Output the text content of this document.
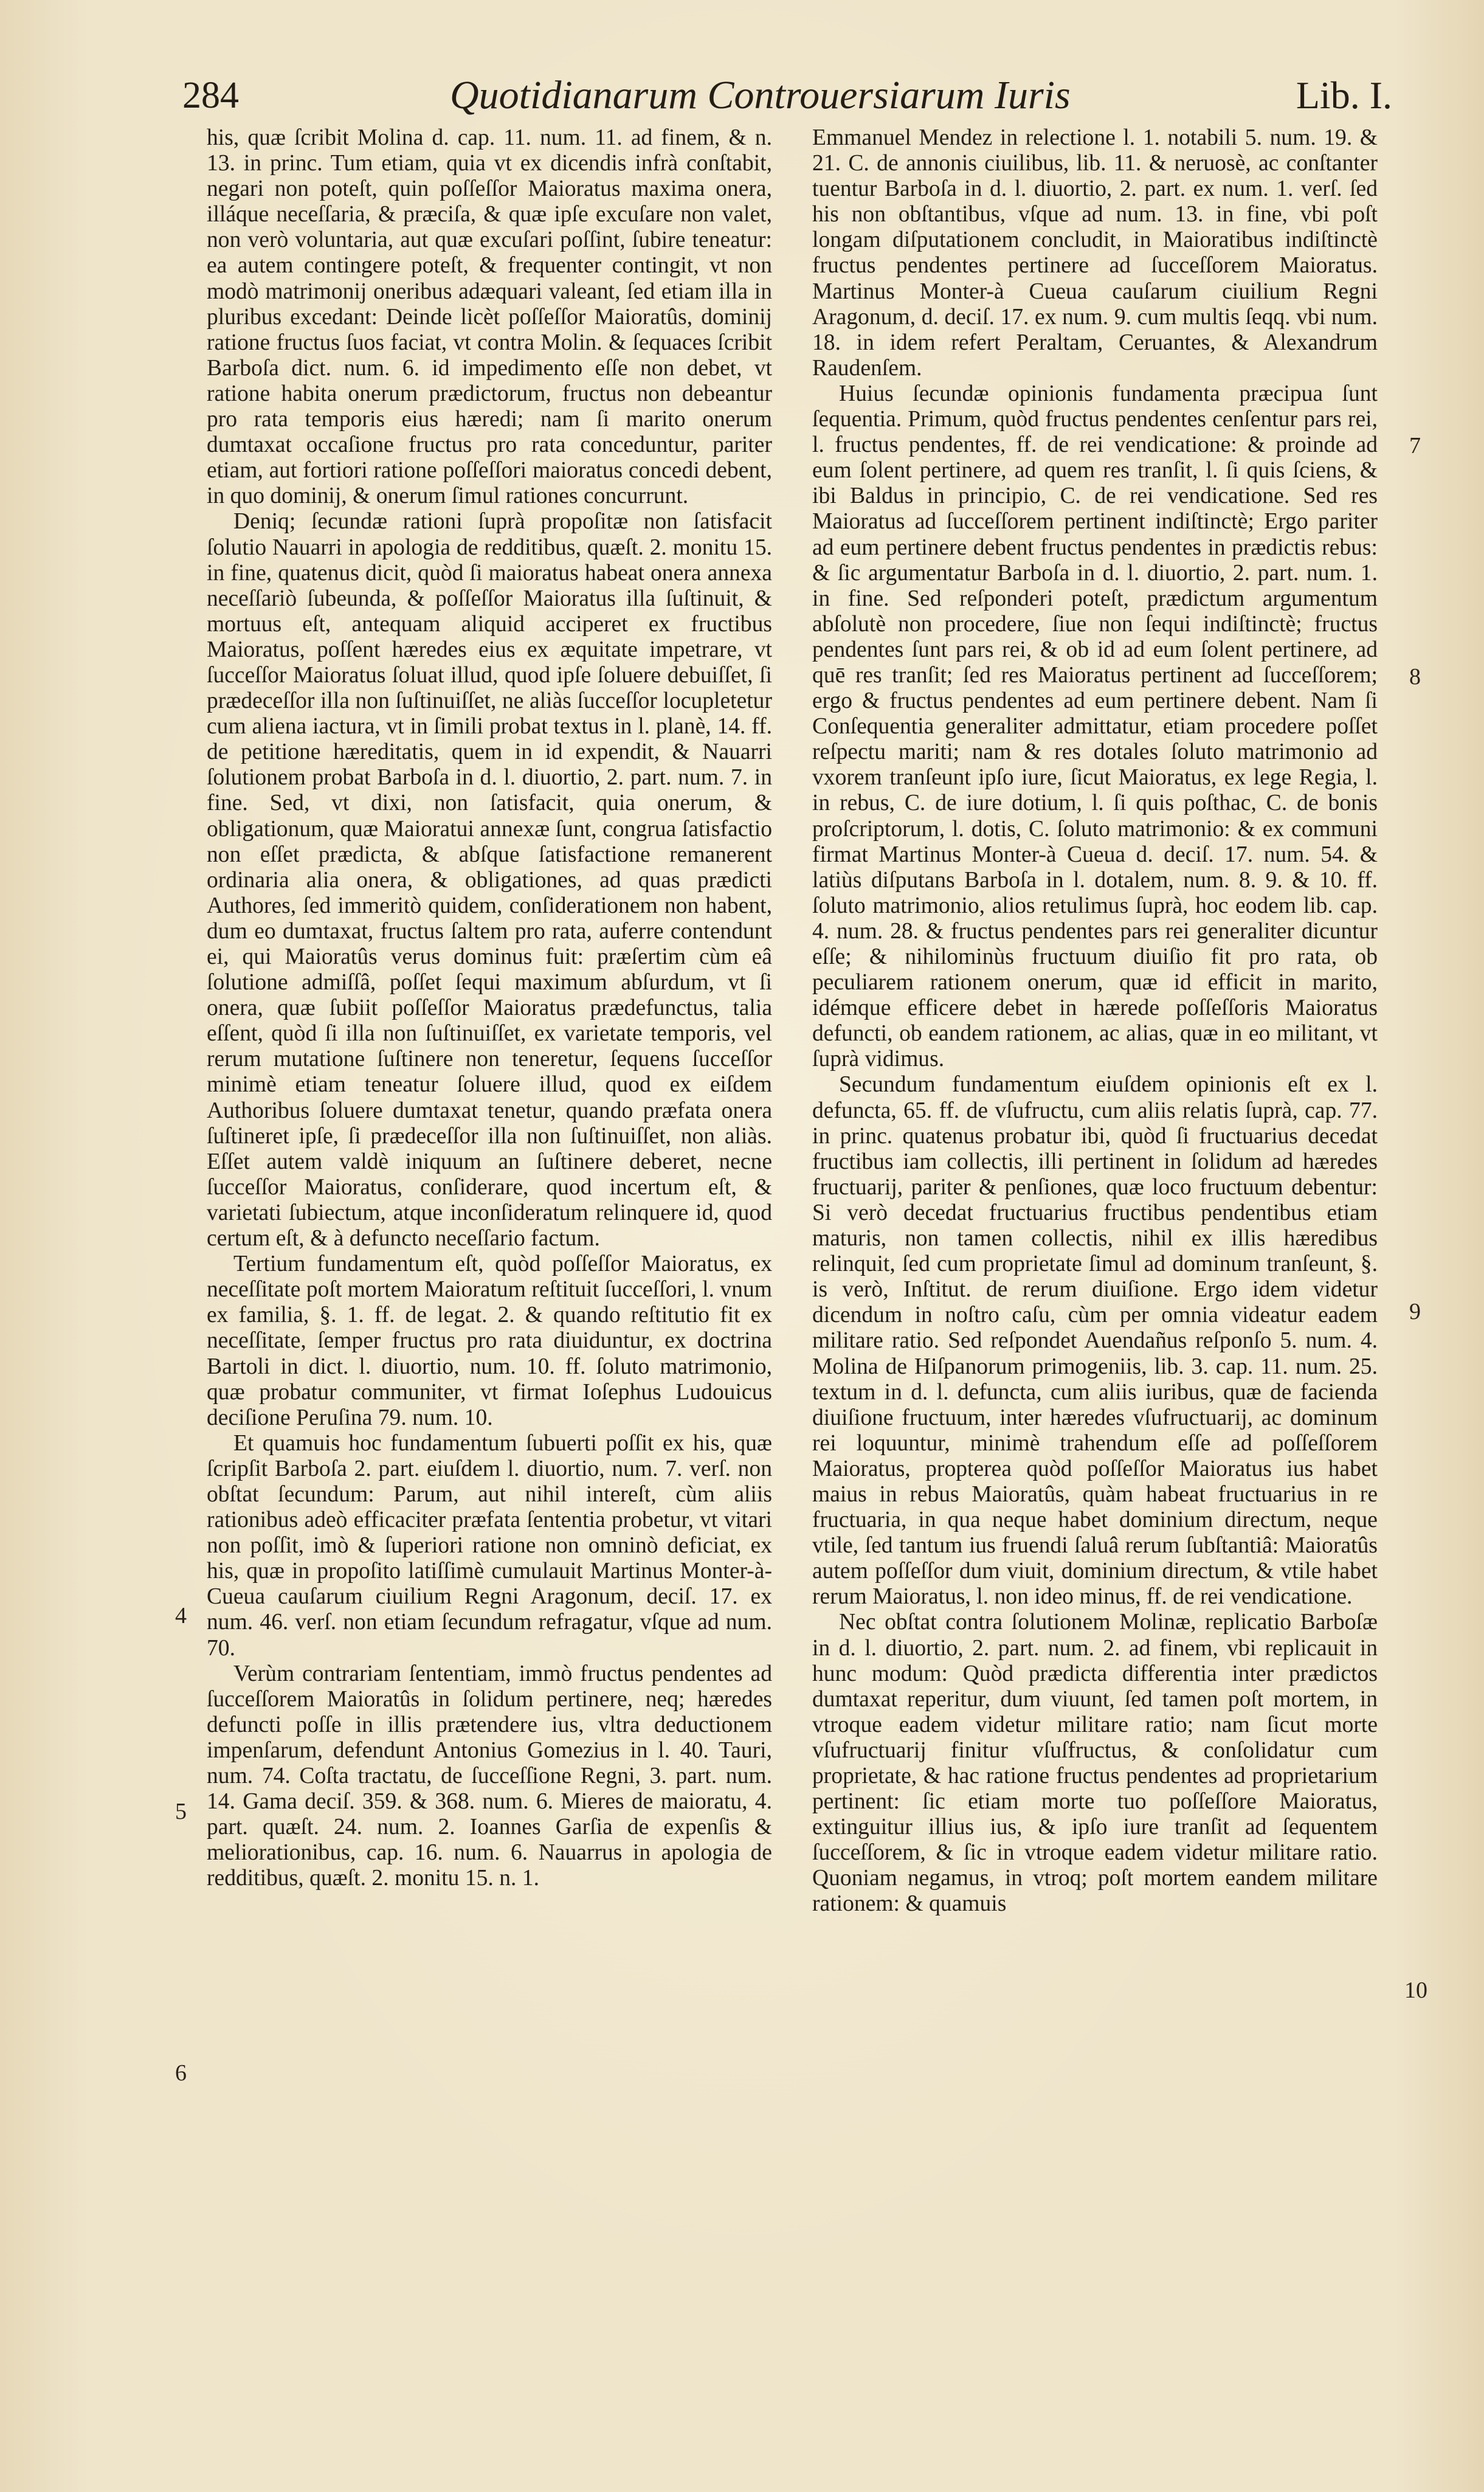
284	Quotidianarum Controuersiarum Iuris	Lib. I.

his, quæ ſcribit Molina d. cap. 11. num. 11. ad finem, & n. 13. in princ. Tum etiam, quia vt ex dicendis infrà conſtabit, negari non poteſt, quin poſſeſſor Maioratus maxima onera, illáque neceſſaria, & præciſa, & quæ ipſe excuſare non valet, non verò voluntaria, aut quæ excuſari poſſint, ſubire teneatur: ea autem contingere poteſt, & frequenter contingit, vt non modò matrimonij oneribus adæquari valeant, ſed etiam illa in pluribus excedant: Deinde licèt poſſeſſor Maioratûs, dominij ratione fructus ſuos faciat, vt contra Molin. & ſequaces ſcribit Barboſa dict. num. 6. id impedimento eſſe non debet, vt ratione habita onerum prædictorum, fructus non debeantur pro rata temporis eius hæredi; nam ſi marito onerum dumtaxat occaſione fructus pro rata conceduntur, pariter etiam, aut fortiori ratione poſſeſſori maioratus concedi debent, in quo dominij, & onerum ſimul rationes concurrunt.

Deniq; ſecundæ rationi ſuprà propoſitæ non ſatisfacit ſolutio Nauarri in apologia de redditibus, quæſt. 2. monitu 15. in fine, quatenus dicit, quòd ſi maioratus habeat onera annexa neceſſariò ſubeunda, & poſſeſſor Maioratus illa ſuſtinuit, & mortuus eſt, antequam aliquid acciperet ex fructibus Maioratus, poſſent hæredes eius ex æquitate impetrare, vt ſucceſſor Maioratus ſoluat illud, quod ipſe ſoluere debuiſſet, ſi prædeceſſor illa non ſuſtinuiſſet, ne aliàs ſucceſſor locupletetur cum aliena iactura, vt in ſimili probat textus in l. planè, 14. ff. de petitione hæreditatis, quem in id expendit, & Nauarri ſolutionem probat Barboſa in d. l. diuortio, 2. part. num. 7. in fine. Sed, vt dixi, non ſatisfacit, quia onerum, & obligationum, quæ Maioratui annexæ ſunt, congrua ſatisfactio non eſſet prædicta, & abſque ſatisfactione remanerent ordinaria alia onera, & obligationes, ad quas prædicti Authores, ſed immeritò quidem, conſiderationem non habent, dum eo dumtaxat, fructus ſaltem pro rata, auferre contendunt ei, qui Maioratûs verus dominus fuit: præſertim cùm eâ ſolutione admiſſâ, poſſet ſequi maximum abſurdum, vt ſi onera, quæ ſubiit poſſeſſor Maioratus prædefunctus, talia eſſent, quòd ſi illa non ſuſtinuiſſet, ex varietate temporis, vel rerum mutatione ſuſtinere non teneretur, ſequens ſucceſſor minimè etiam teneatur ſoluere illud, quod ex eiſdem Authoribus ſoluere dumtaxat tenetur, quando præfata onera ſuſtineret ipſe, ſi prædeceſſor illa non ſuſtinuiſſet, non aliàs. Eſſet autem valdè iniquum an ſuſtinere deberet, necne ſucceſſor Maioratus, conſiderare, quod incertum eſt, & varietati ſubiectum, atque inconſideratum relinquere id, quod certum eſt, & à defuncto neceſſario factum.

Tertium fundamentum eſt, quòd poſſeſſor Maioratus, ex neceſſitate poſt mortem Maioratum reſtituit ſucceſſori, l. vnum ex familia, §. 1. ff. de legat. 2. & quando reſtitutio fit ex neceſſitate, ſemper fructus pro rata diuiduntur, ex doctrina Bartoli in dict. l. diuortio, num. 10. ff. ſoluto matrimonio, quæ probatur communiter, vt firmat Ioſephus Ludouicus deciſione Peruſina 79. num. 10.

Et quamuis hoc fundamentum ſubuerti poſſit ex his, quæ ſcripſit Barboſa 2. part. eiuſdem l. diuortio, num. 7. verſ. non obſtat ſecundum: Parum, aut nihil intereſt, cùm aliis rationibus adeò efficaciter præfata ſententia probetur, vt vitari non poſſit, imò & ſuperiori ratione non omninò deficiat, ex his, quæ in propoſito latiſſimè cumulauit Martinus Monter-à-Cueua cauſarum ciuilium Regni Aragonum, deciſ. 17. ex num. 46. verſ. non etiam ſecundum refragatur, vſque ad num. 70.

Verùm contrariam ſententiam, immò fructus pendentes ad ſucceſſorem Maioratûs in ſolidum pertinere, neq; hæredes defuncti poſſe in illis prætendere ius, vltra deductionem impenſarum, defendunt Antonius Gomezius in l. 40. Tauri, num. 74. Coſta tractatu, de ſucceſſione Regni, 3. part. num. 14. Gama deciſ. 359. & 368. num. 6. Mieres de maioratu, 4. part. quæſt. 24. num. 2. Ioannes Garſia de expenſis & meliorationibus, cap. 16. num. 6. Nauarrus in apologia de redditibus, quæſt. 2. monitu 15. n. 1.

Emmanuel Mendez in relectione l. 1. notabili 5. num. 19. & 21. C. de annonis ciuilibus, lib. 11. & neruosè, ac conſtanter tuentur Barboſa in d. l. diuortio, 2. part. ex num. 1. verſ. ſed his non obſtantibus, vſque ad num. 13. in fine, vbi poſt longam diſputationem concludit, in Maioratibus indiſtinctè fructus pendentes pertinere ad ſucceſſorem Maioratus. Martinus Monter-à Cueua cauſarum ciuilium Regni Aragonum, d. deciſ. 17. ex num. 9. cum multis ſeqq. vbi num. 18. in idem refert Peraltam, Ceruantes, & Alexandrum Raudenſem.

Huius ſecundæ opinionis fundamenta præcipua ſunt ſequentia. Primum, quòd fructus pendentes cenſentur pars rei, l. fructus pendentes, ff. de rei vendicatione: & proinde ad eum ſolent pertinere, ad quem res tranſit, l. ſi quis ſciens, & ibi Baldus in principio, C. de rei vendicatione. Sed res Maioratus ad ſucceſſorem pertinent indiſtinctè; Ergo pariter ad eum pertinere debent fructus pendentes in prædictis rebus: & ſic argumentatur Barboſa in d. l. diuortio, 2. part. num. 1. in fine. Sed reſponderi poteſt, prædictum argumentum abſolutè non procedere, ſiue non ſequi indiſtinctè; fructus pendentes ſunt pars rei, & ob id ad eum ſolent pertinere, ad quē res tranſit; ſed res Maioratus pertinent ad ſucceſſorem; ergo & fructus pendentes ad eum pertinere debent. Nam ſi Conſequentia generaliter admittatur, etiam procedere poſſet reſpectu mariti; nam & res dotales ſoluto matrimonio ad vxorem tranſeunt ipſo iure, ſicut Maioratus, ex lege Regia, l. in rebus, C. de iure dotium, l. ſi quis poſthac, C. de bonis proſcriptorum, l. dotis, C. ſoluto matrimonio: & ex communi firmat Martinus Monter-à Cueua d. deciſ. 17. num. 54. & latiùs diſputans Barboſa in l. dotalem, num. 8. 9. & 10. ff. ſoluto matrimonio, alios retulimus ſuprà, hoc eodem lib. cap. 4. num. 28. & fructus pendentes pars rei generaliter dicuntur eſſe; & nihilominùs fructuum diuiſio fit pro rata, ob peculiarem rationem onerum, quæ id efficit in marito, idémque efficere debet in hærede poſſeſſoris Maioratus defuncti, ob eandem rationem, ac alias, quæ in eo militant, vt ſuprà vidimus.

Secundum fundamentum eiuſdem opinionis eſt ex l. defuncta, 65. ff. de vſufructu, cum aliis relatis ſuprà, cap. 77. in princ. quatenus probatur ibi, quòd ſi fructuarius decedat fructibus iam collectis, illi pertinent in ſolidum ad hæredes fructuarij, pariter & penſiones, quæ loco fructuum debentur: Si verò decedat fructuarius fructibus pendentibus etiam maturis, non tamen collectis, nihil ex illis hæredibus relinquit, ſed cum proprietate ſimul ad dominum tranſeunt, §. is verò, Inſtitut. de rerum diuiſione. Ergo idem videtur dicendum in noſtro caſu, cùm per omnia videatur eadem militare ratio. Sed reſpondet Auendañus reſponſo 5. num. 4. Molina de Hiſpanorum primogeniis, lib. 3. cap. 11. num. 25. textum in d. l. defuncta, cum aliis iuribus, quæ de facienda diuiſione fructuum, inter hæredes vſufructuarij, ac dominum rei loquuntur, minimè trahendum eſſe ad poſſeſſorem Maioratus, propterea quòd poſſeſſor Maioratus ius habet maius in rebus Maioratûs, quàm habeat fructuarius in re fructuaria, in qua neque habet dominium directum, neque vtile, ſed tantum ius fruendi ſaluâ rerum ſubſtantiâ: Maioratûs autem poſſeſſor dum viuit, dominium directum, & vtile habet rerum Maioratus, l. non ideo minus, ff. de rei vendicatione.

Nec obſtat contra ſolutionem Molinæ, replicatio Barboſæ in d. l. diuortio, 2. part. num. 2. ad finem, vbi replicauit in hunc modum: Quòd prædicta differentia inter prædictos dumtaxat reperitur, dum viuunt, ſed tamen poſt mortem, in vtroque eadem videtur militare ratio; nam ſicut morte vſufructuarij finitur vſuſfructus, & conſolidatur cum proprietate, & hac ratione fructus pendentes ad proprietarium pertinent: ſic etiam morte tuo poſſeſſore Maioratus, extinguitur illius ius, & ipſo iure tranſit ad ſequentem ſucceſſorem, & ſic in vtroque eadem videtur militare ratio. Quoniam negamus, in vtroq; poſt mortem eandem militare rationem: & quamuis

4
5
6
7
8
9
10
